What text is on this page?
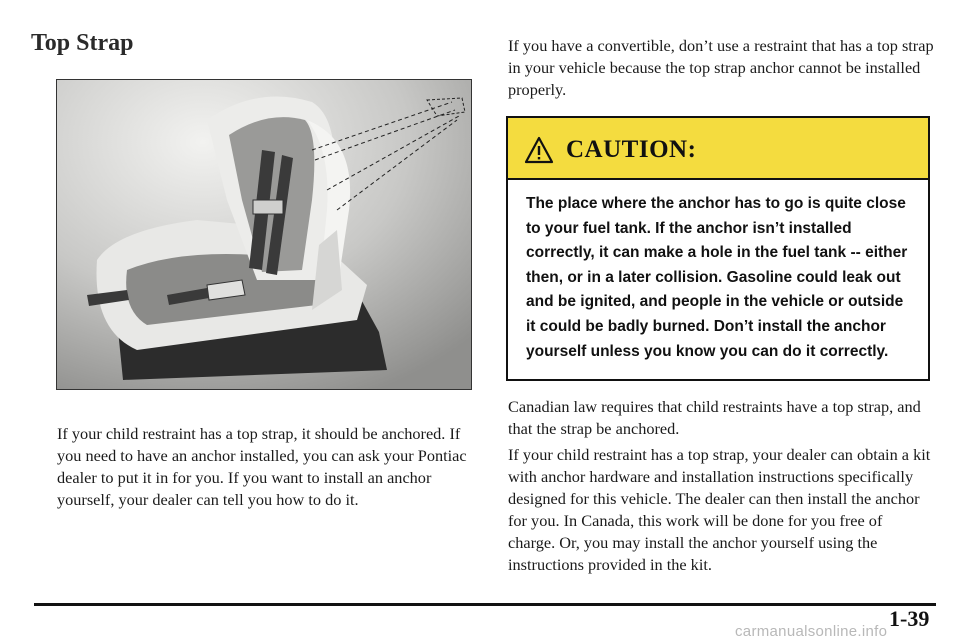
Top Strap

If your child restraint has a top strap, it should be anchored. If you need to have an anchor installed, you can ask your Pontiac dealer to put it in for you. If you want to install an anchor yourself, your dealer can tell you how to do it.

If you have a convertible, don’t use a restraint that has a top strap in your vehicle because the top strap anchor cannot be installed properly.

CAUTION:

The place where the anchor has to go is quite close to your fuel tank. If the anchor isn’t installed correctly, it can make a hole in the fuel tank -- either then, or in a later collision. Gasoline could leak out and be ignited, and people in the vehicle or outside it could be badly burned. Don’t install the anchor yourself unless you know you can do it correctly.

Canadian law requires that child restraints have a top strap, and that the strap be anchored.

If your child restraint has a top strap, your dealer can obtain a kit with anchor hardware and installation instructions specifically designed for this vehicle. The dealer can then install the anchor for you. In Canada, this work will be done for you free of charge. Or, you may install the anchor yourself using the instructions provided in the kit.

1-39
carmanualsonline.info
